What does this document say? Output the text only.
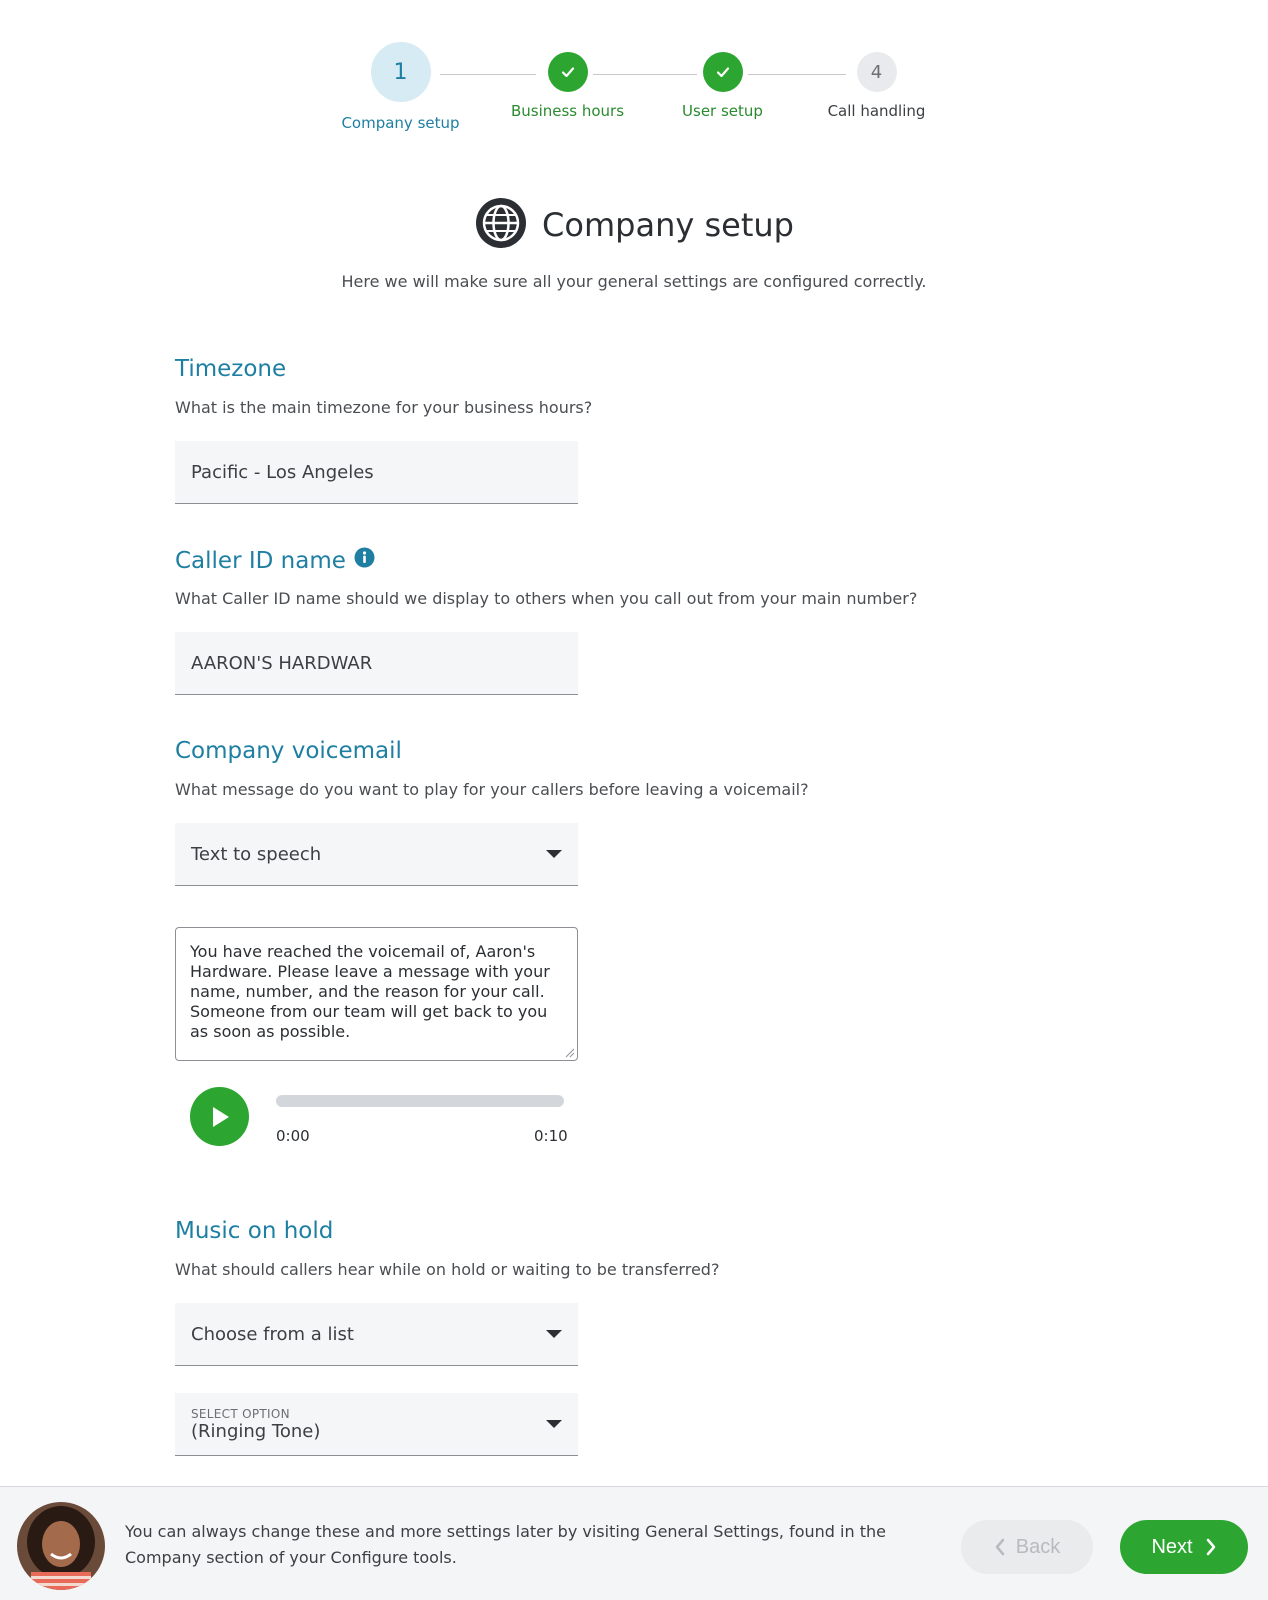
1
Company setup
Business hours	User setup
4
Call handling
Company setup
Here we will make sure all your general settings are configured correctly.
Timezone
What is the main timezone for your business hours?
Pacific - Los Angeles
Caller ID name
What Caller ID name should we display to others when you call out from your main number?
AARON'S HARDWAR
Company voicemail
What message do you want to play for your callers before leaving a voicemail?
Text to speech
You have reached the voicemail of, Aaron's Hardware. Please leave a message with your name, number, and the reason for your call. Someone from our team will get back to you as soon as possible.
0:00	0:10
Music on hold
What should callers hear while on hold or waiting to be transferred?
Choose from a list
SELECT OPTION
(Ringing Tone)
You can always change these and more settings later by visiting General Settings, found in the Company section of your Configure tools.	Back	Next
